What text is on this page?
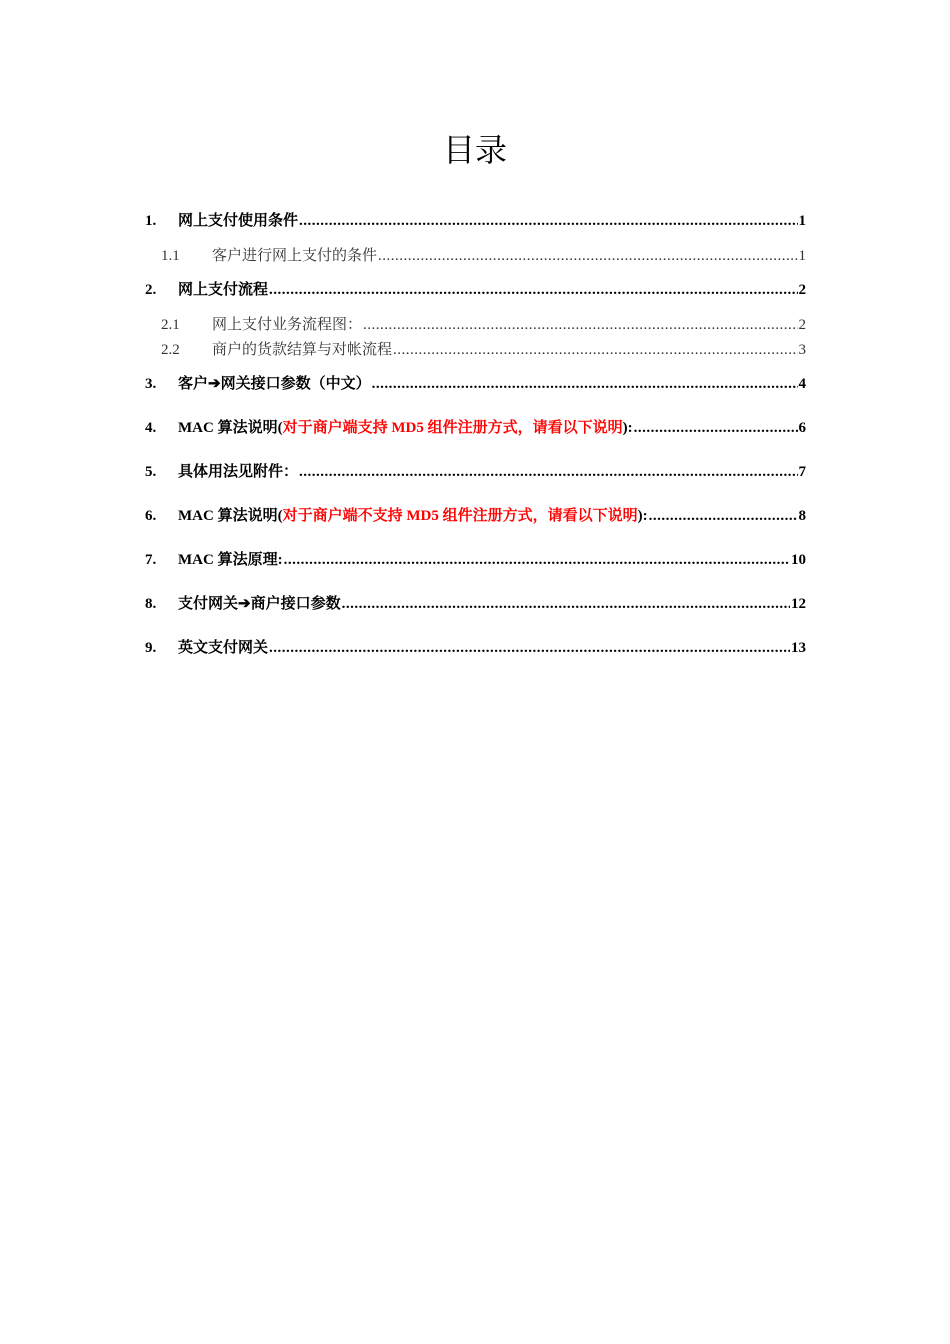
目录
1.	网上支付使用条件 .....	1
1.1	客户进行网上支付的条件 .....	1
2.	网上支付流程 .....	2
2.1	网上支付业务流程图： .....	2
2.2	商户的货款结算与对帐流程 .....	3
3.	客户➔网关接口参数（中文） .....	4
4.	MAC 算法说明(对于商户端支持 MD5 组件注册方式，请看以下说明): .....	6
5.	具体用法见附件： .....	7
6.	MAC 算法说明(对于商户端不支持 MD5 组件注册方式，请看以下说明): .....	8
7.	MAC 算法原理: .....	10
8.	支付网关➔商户接口参数 .....	12
9.	英文支付网关 .....	13
